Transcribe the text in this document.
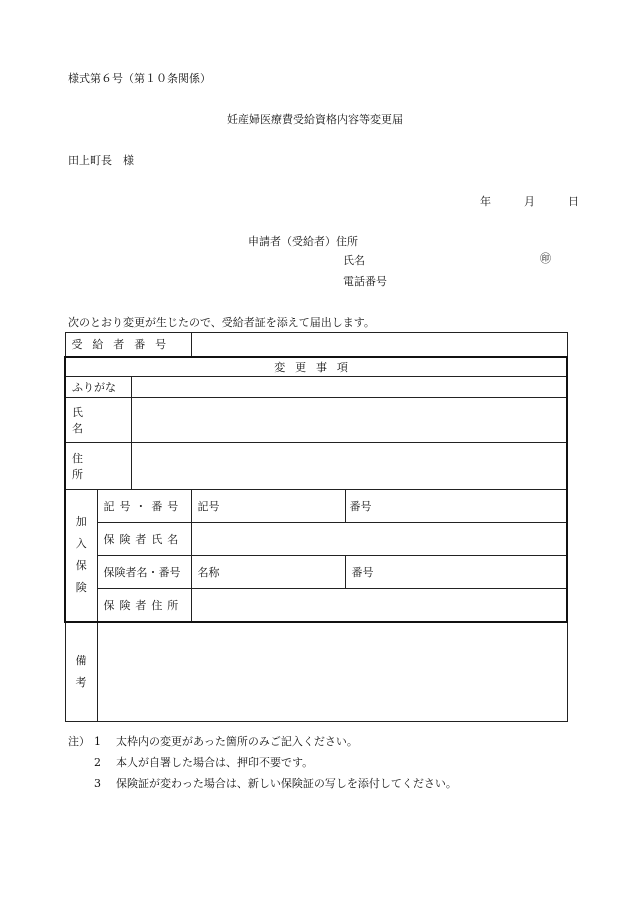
様式第６号（第１０条関係）
妊産婦医療費受給資格内容等変更届
田上町長　様
年	月	日
申請者（受給者）住所
氏名	㊞
電話番号
次のとおり変更が生じたので、受給者証を添えて届出します。
受給者番号				
変更事項				
ふりがな				
氏名				
住所				

加
入
保
険	記号・番号		記号	番号
	保険者氏名			
	保険者名・番号		名称	番号
	保険者住所			

備
考				

注） 1	太枠内の変更があった箇所のみご記入ください。
2	本人が自署した場合は、押印不要です。
3	保険証が変わった場合は、新しい保険証の写しを添付してください。
